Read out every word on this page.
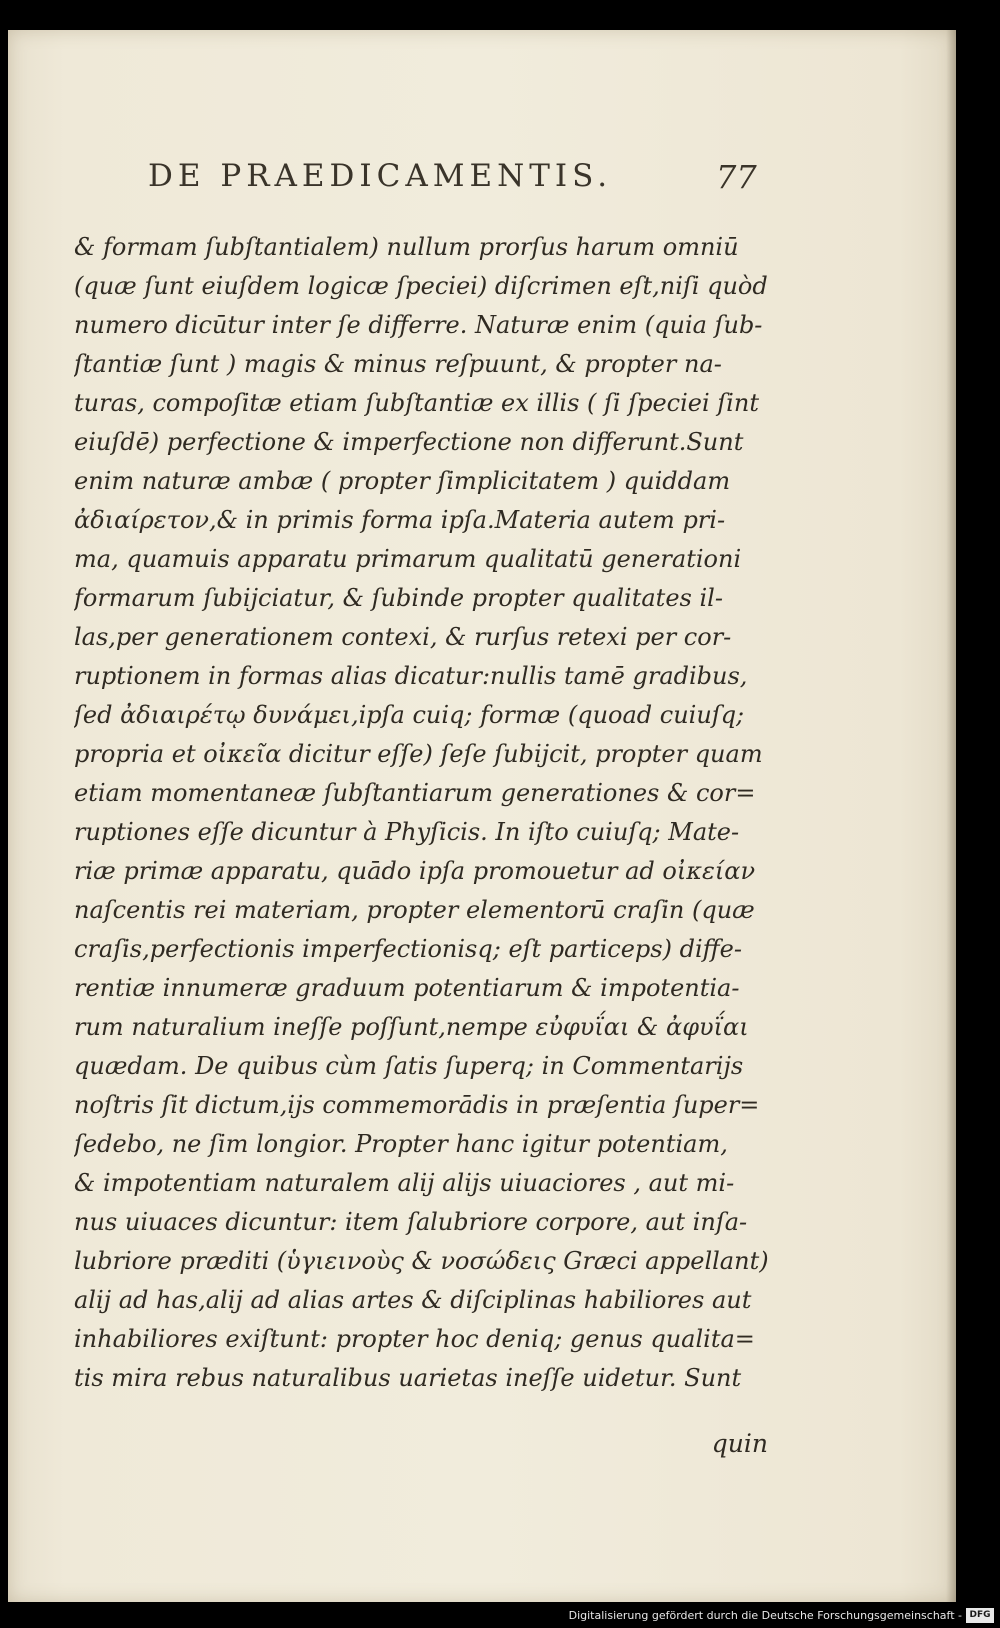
DE PRAEDICAMENTIS.	77
& formam ſubſtantialem) nullum prorſus harum omniū
(quæ ſunt eiuſdem logicæ ſpeciei) diſcrimen eſt,niſi quòd
numero dicūtur inter ſe differre. Naturæ enim (quia ſub-
ſtantiæ ſunt ) magis & minus reſpuunt, & propter na-
turas, compoſitæ etiam ſubſtantiæ ex illis ( ſi ſpeciei ſint
eiuſdē) perfectione & imperfectione non differunt.Sunt
enim naturæ ambæ ( propter ſimplicitatem ) quiddam
ἀδιαίρετον,& in primis forma ipſa.Materia autem pri-
ma, quamuis apparatu primarum qualitatū generationi
formarum ſubijciatur, & ſubinde propter qualitates il-
las,per generationem contexi, & rurſus retexi per cor-
ruptionem in formas alias dicatur:nullis tamē gradibus,
ſed ἀδιαιρέτῳ δυνάμει,ipſa cuiq; formæ (quoad cuiuſq;
propria et οἰκεῖα dicitur eſſe) ſeſe ſubijcit, propter quam
etiam momentaneæ ſubſtantiarum generationes & cor=
ruptiones eſſe dicuntur à Phyſicis. In iſto cuiuſq; Mate-
riæ primæ apparatu, quādo ipſa promouetur ad οἰκείαν
naſcentis rei materiam, propter elementorū craſin (quæ
craſis,perfectionis imperfectionisq; eſt particeps) diffe-
rentiæ innumeræ graduum potentiarum & impotentia-
rum naturalium ineſſe poſſunt,nempe εὐφυΐαι & ἀφυΐαι
quædam. De quibus cùm ſatis ſuperq; in Commentarijs
noſtris ſit dictum,ijs commemorādis in præſentia ſuper=
ſedebo, ne ſim longior. Propter hanc igitur potentiam,
& impotentiam naturalem alij alijs uiuaciores , aut mi-
nus uiuaces dicuntur: item ſalubriore corpore, aut inſa-
lubriore præditi (ὑγιεινοὺς & νοσώδεις Græci appellant)
alij ad has,alij ad alias artes & diſciplinas habiliores aut
inhabiliores exiſtunt: propter hoc deniq; genus qualita=
tis mira rebus naturalibus uarietas ineſſe uidetur. Sunt
quin
Digitalisierung gefördert durch die Deutsche Forschungsgemeinschaft - DFG
